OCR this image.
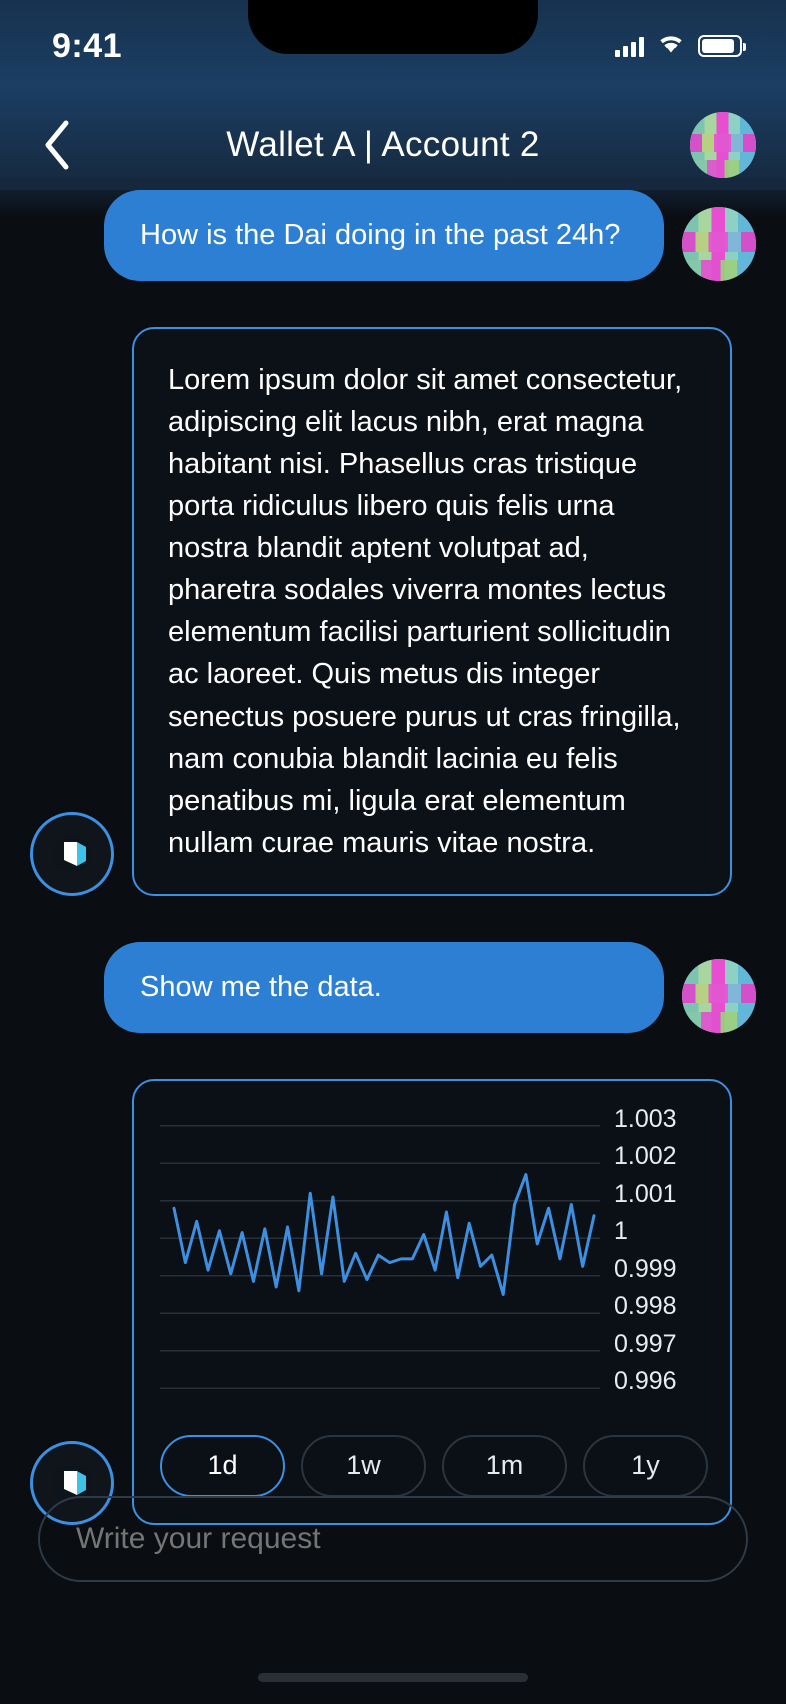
9:41
Wallet A | Account 2
How is the Dai doing in the past 24h?
Lorem ipsum dolor sit amet consectetur, adipiscing elit lacus nibh, erat magna habitant nisi. Phasellus cras tristique porta ridiculus libero quis felis urna nostra blandit aptent volutpat ad, pharetra sodales viverra montes lectus elementum facilisi parturient sollicitudin ac laoreet. Quis metus dis integer senectus posuere purus ut cras fringilla, nam conubia blandit lacinia eu felis penatibus mi, ligula erat elementum nullam curae mauris vitae nostra.
Show me the data.
1.003
1.002
1.001
1
0.999
0.998
0.997
0.996
1d	1w	1m	1y
Write your request
